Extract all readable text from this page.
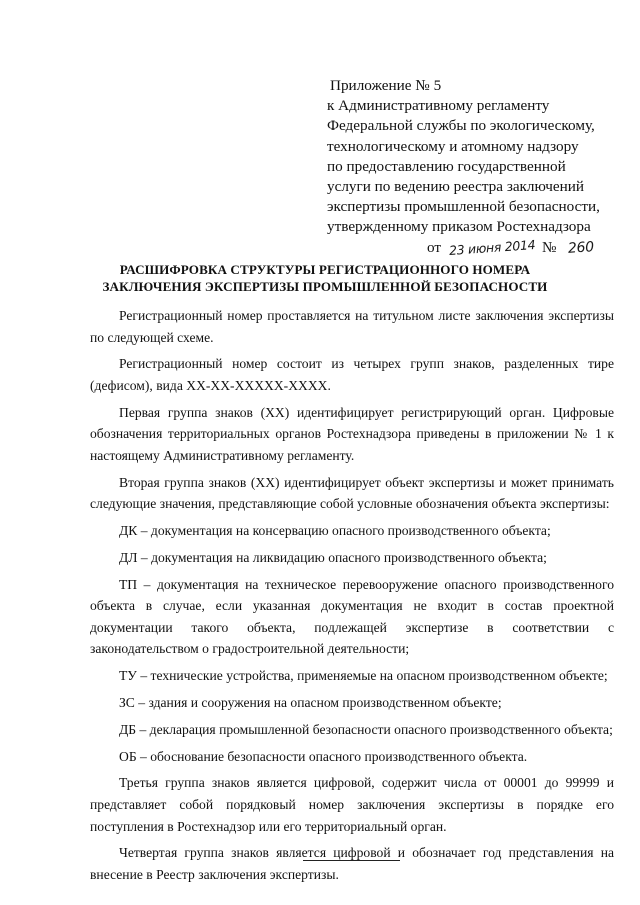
Приложение № 5
к Административному регламенту
Федеральной службы по экологическому,
технологическому и атомному надзору
по предоставлению государственной
услуги по ведению реестра заключений
экспертизы промышленной безопасности,
утвержденному приказом Ростехнадзора
от 23 июня 2014 № 260
РАСШИФРОВКА СТРУКТУРЫ РЕГИСТРАЦИОННОГО НОМЕРА
ЗАКЛЮЧЕНИЯ ЭКСПЕРТИЗЫ ПРОМЫШЛЕННОЙ БЕЗОПАСНОСТИ

Регистрационный номер проставляется на титульном листе заключения экспертизы по следующей схеме.

Регистрационный номер состоит из четырех групп знаков, разделенных тире (дефисом), вида ХХ-ХХ-ХХХХХ-ХХХХ.

Первая группа знаков (ХХ) идентифицирует регистрирующий орган. Цифровые обозначения территориальных органов Ростехнадзора приведены в приложении № 1 к настоящему Административному регламенту.

Вторая группа знаков (ХХ) идентифицирует объект экспертизы и может принимать следующие значения, представляющие собой условные обозначения объекта экспертизы:

ДК – документация на консервацию опасного производственного объекта;

ДЛ – документация на ликвидацию опасного производственного объекта;

ТП – документация на техническое перевооружение опасного производственного объекта в случае, если указанная документация не входит в состав проектной документации такого объекта, подлежащей экспертизе в соответствии с законодательством о градостроительной деятельности;

ТУ – технические устройства, применяемые на опасном производственном объекте;

ЗС – здания и сооружения на опасном производственном объекте;

ДБ – декларация промышленной безопасности опасного производственного объекта;

ОБ – обоснование безопасности опасного производственного объекта.

Третья группа знаков является цифровой, содержит числа от 00001 до 99999 и представляет собой порядковый номер заключения экспертизы в порядке его поступления в Ростехнадзор или его территориальный орган.

Четвертая группа знаков является цифровой и обозначает год представления на внесение в Реестр заключения экспертизы.
